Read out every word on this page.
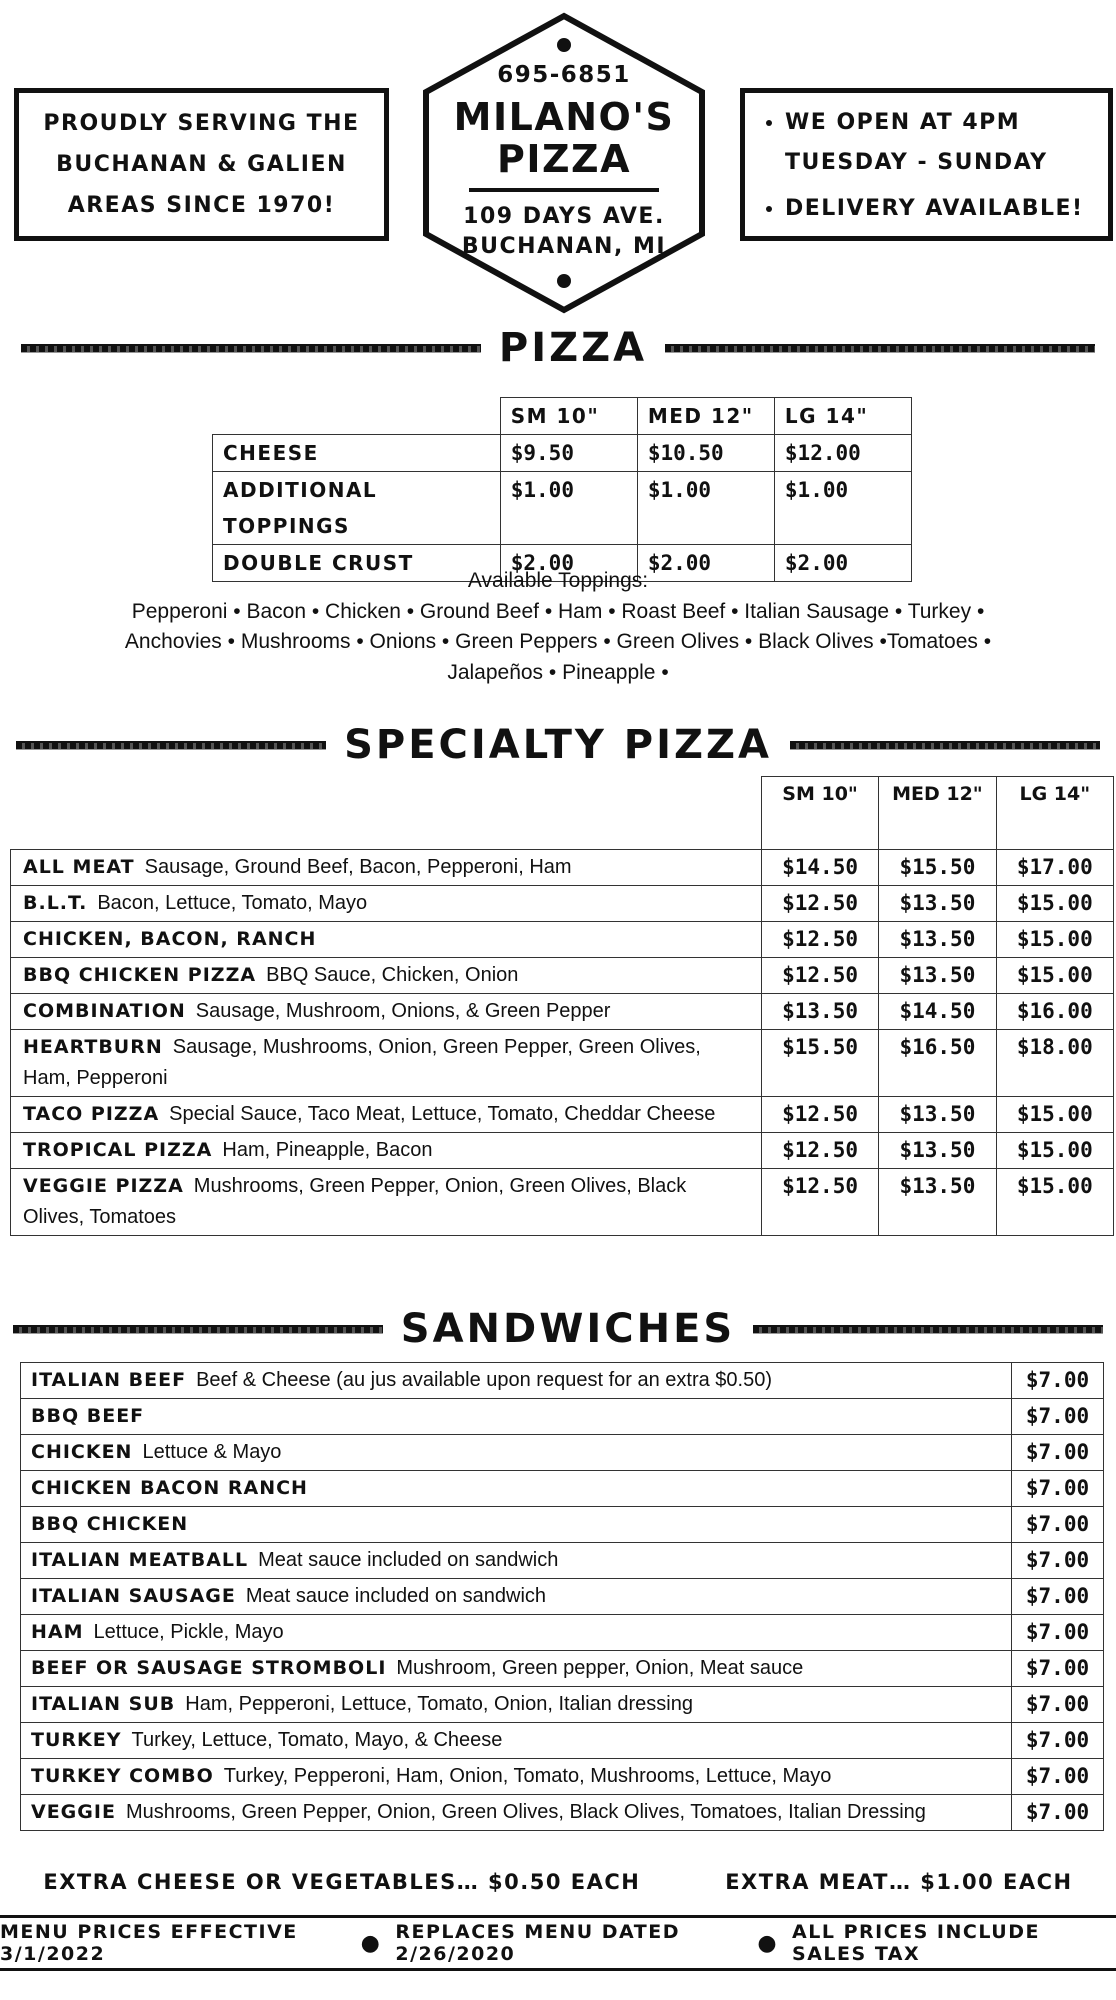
PROUDLY SERVING THE
BUCHANAN & GALIEN
AREAS SINCE 1970!
695-6851
MILANO'S
PIZZA
109 DAYS AVE.
BUCHANAN, MI
• WE OPEN AT 4PM TUESDAY - SUNDAY
• DELIVERY AVAILABLE!
PIZZA
	SM 10"	MED 12"	LG 14"
CHEESE	$9.50	$10.50	$12.00
ADDITIONAL TOPPINGS	$1.00	$1.00	$1.00
DOUBLE CRUST	$2.00	$2.00	$2.00
Available Toppings:
Pepperoni • Bacon • Chicken • Ground Beef • Ham • Roast Beef • Italian Sausage • Turkey •
Anchovies • Mushrooms • Onions • Green Peppers • Green Olives • Black Olives •Tomatoes •
Jalapeños • Pineapple •
SPECIALTY PIZZA
	SM 10"	MED 12"	LG 14"
ALL MEAT Sausage, Ground Beef, Bacon, Pepperoni, Ham	$14.50	$15.50	$17.00
B.L.T. Bacon, Lettuce, Tomato, Mayo	$12.50	$13.50	$15.00
CHICKEN, BACON, RANCH	$12.50	$13.50	$15.00
BBQ CHICKEN PIZZA BBQ Sauce, Chicken, Onion	$12.50	$13.50	$15.00
COMBINATION Sausage, Mushroom, Onions, & Green Pepper	$13.50	$14.50	$16.00
HEARTBURN Sausage, Mushrooms, Onion, Green Pepper, Green Olives, Ham, Pepperoni	$15.50	$16.50	$18.00
TACO PIZZA Special Sauce, Taco Meat, Lettuce, Tomato, Cheddar Cheese	$12.50	$13.50	$15.00
TROPICAL PIZZA Ham, Pineapple, Bacon	$12.50	$13.50	$15.00
VEGGIE PIZZA Mushrooms, Green Pepper, Onion, Green Olives, Black Olives, Tomatoes	$12.50	$13.50	$15.00
SANDWICHES
ITALIAN BEEF Beef & Cheese (au jus available upon request for an extra $0.50)	$7.00
BBQ BEEF	$7.00
CHICKEN Lettuce & Mayo	$7.00
CHICKEN BACON RANCH	$7.00
BBQ CHICKEN	$7.00
ITALIAN MEATBALL Meat sauce included on sandwich	$7.00
ITALIAN SAUSAGE Meat sauce included on sandwich	$7.00
HAM Lettuce, Pickle, Mayo	$7.00
BEEF OR SAUSAGE STROMBOLI Mushroom, Green pepper, Onion, Meat sauce	$7.00
ITALIAN SUB Ham, Pepperoni, Lettuce, Tomato, Onion, Italian dressing	$7.00
TURKEY Turkey, Lettuce, Tomato, Mayo, & Cheese	$7.00
TURKEY COMBO Turkey, Pepperoni, Ham, Onion, Tomato, Mushrooms, Lettuce, Mayo	$7.00
VEGGIE Mushrooms, Green Pepper, Onion, Green Olives, Black Olives, Tomatoes, Italian Dressing	$7.00
EXTRA CHEESE OR VEGETABLES… $0.50 EACH	EXTRA MEAT… $1.00 EACH
MENU PRICES EFFECTIVE 3/1/2022	● REPLACES MENU DATED 2/26/2020	● ALL PRICES INCLUDE SALES TAX
